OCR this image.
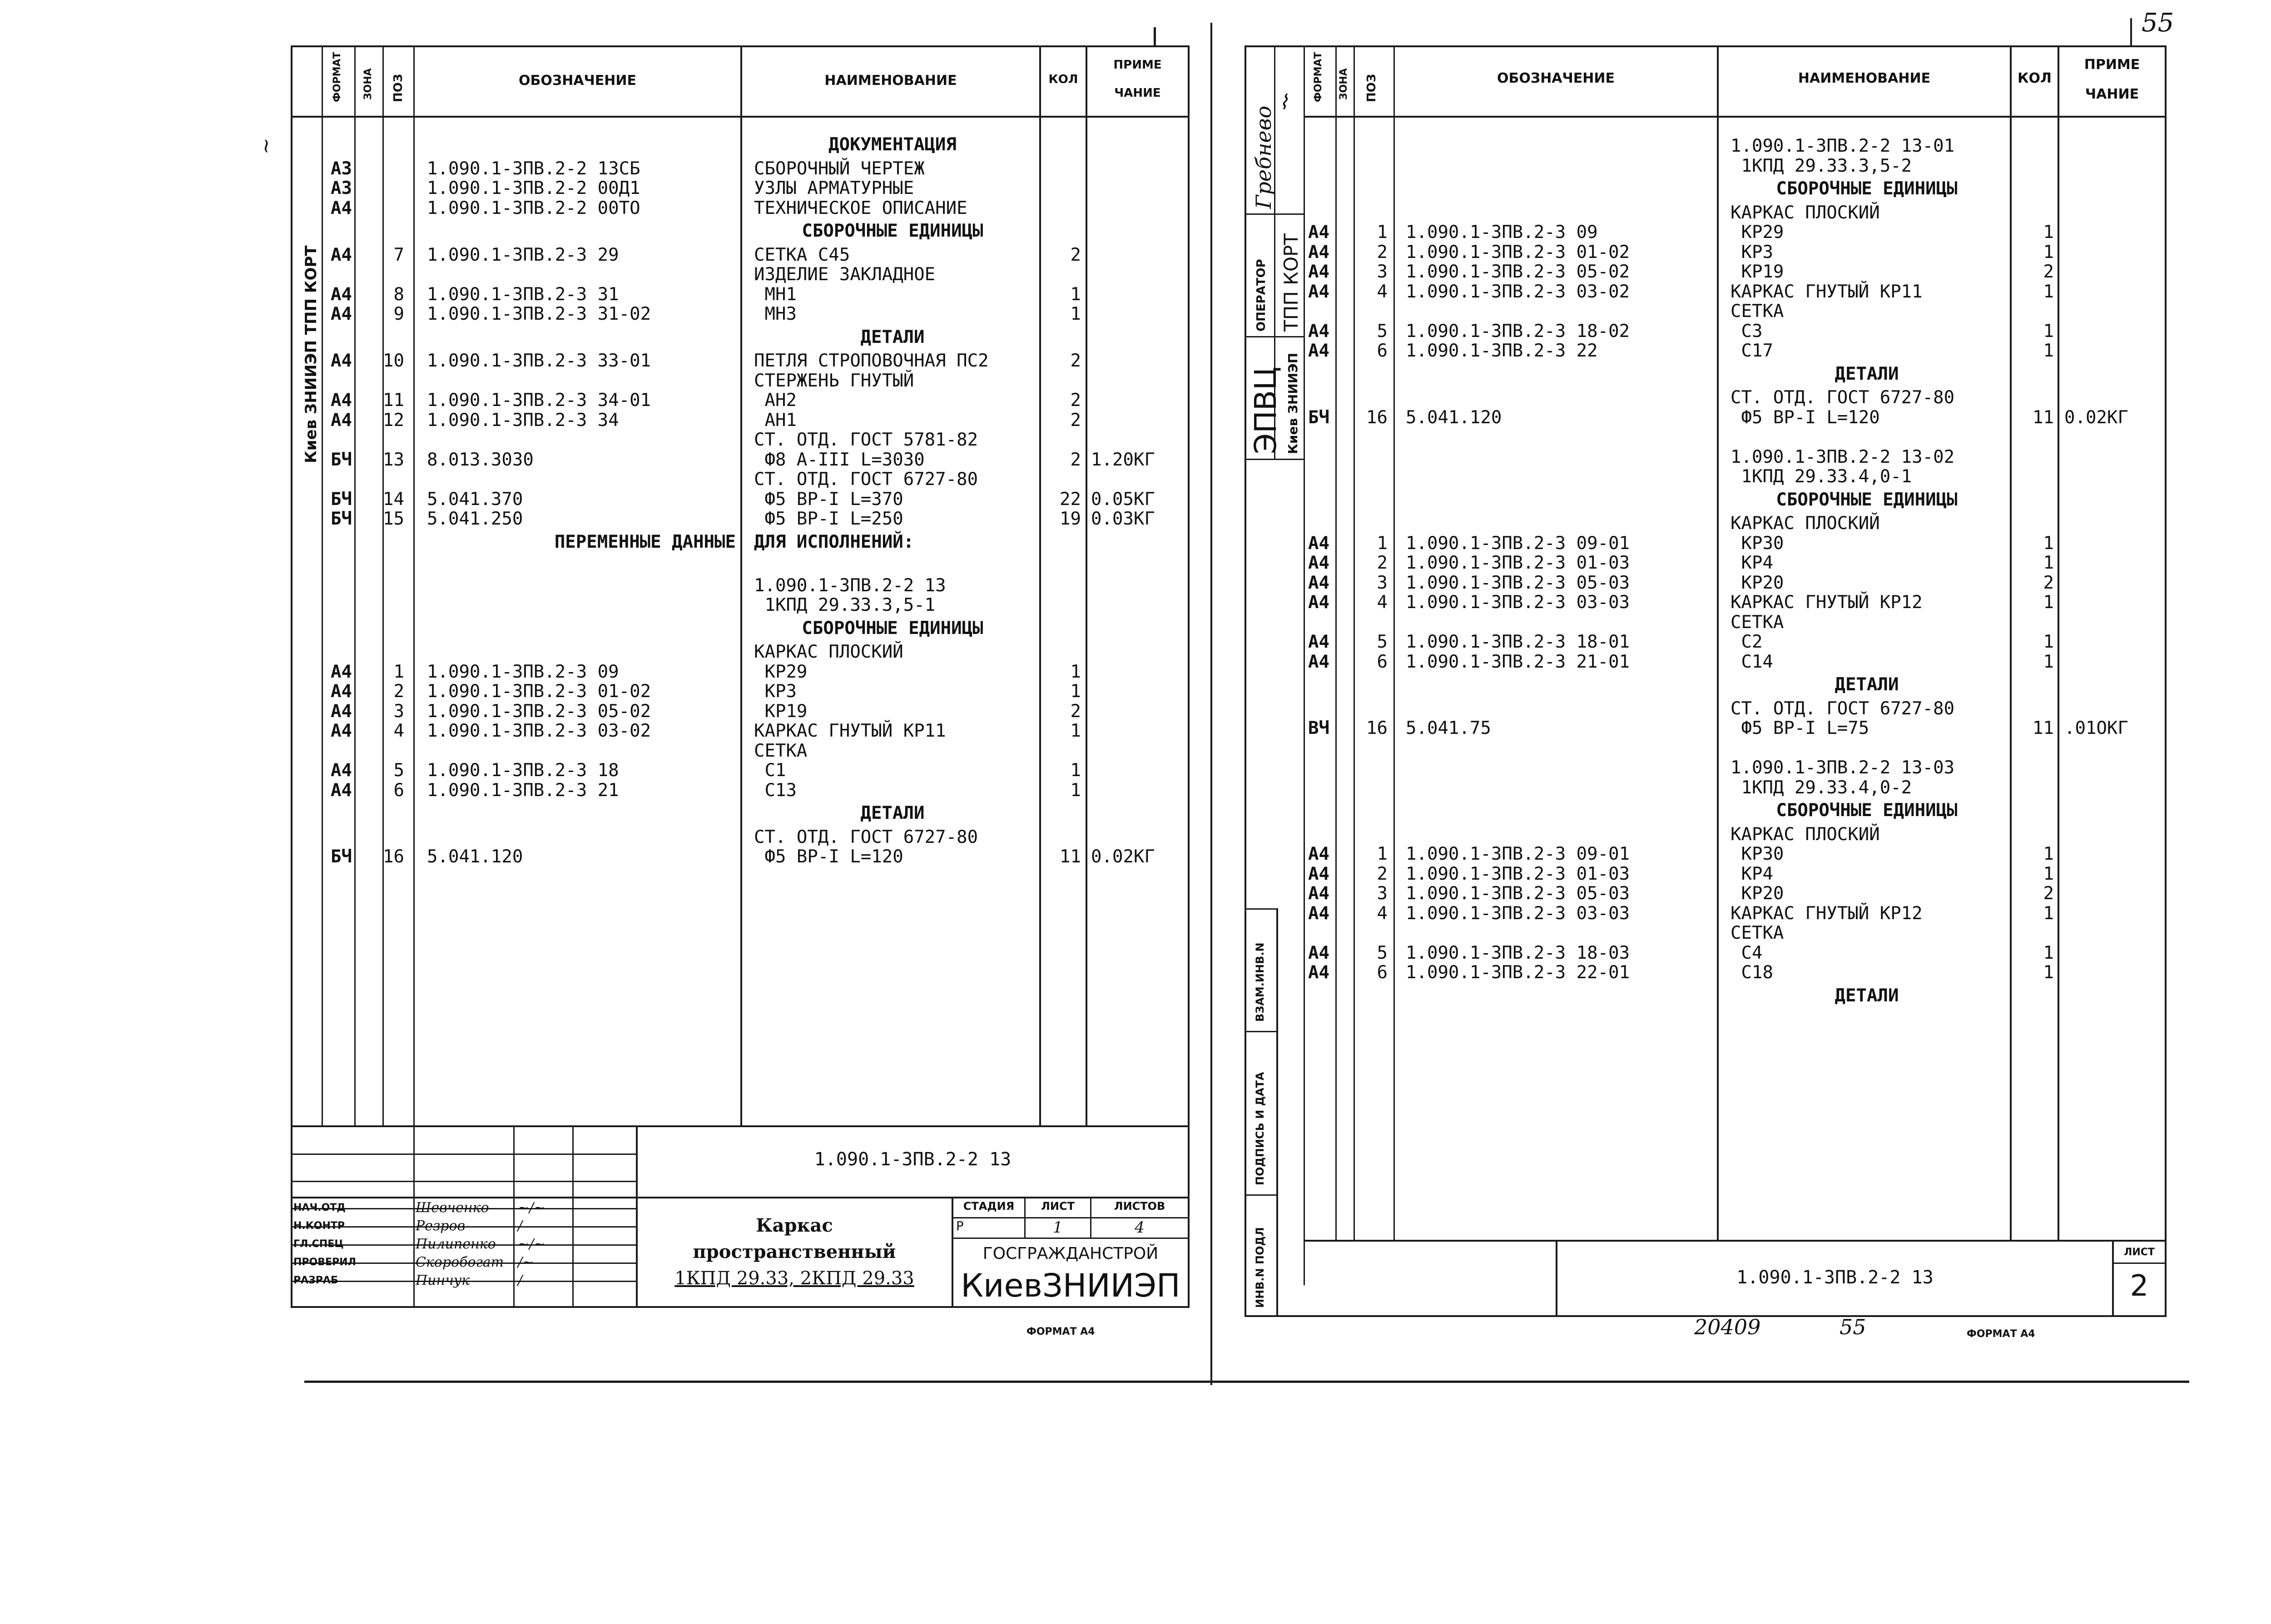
ФОРМАТ ЗОНА ПОЗ	ОБОЗНАЧЕНИЕ	НАИМЕНОВАНИЕ	КОЛ
ПРИМЕ
ЧАНИЕ
Киев ЗНИИЭП ТПП КОРТ
~	ДОКУМЕНТАЦИЯ
А3	1.090.1-3ПВ.2-2 13СБ	СБОРОЧНЫЙ ЧЕРТЕЖ
А3	1.090.1-3ПВ.2-2 00Д1	УЗЛЫ АРМАТУРНЫЕ
А4	1.090.1-3ПВ.2-2 00ТО	ТЕХНИЧЕСКОЕ ОПИСАНИЕ
СБОРОЧНЫЕ ЕДИНИЦЫ
А4 7 1.090.1-3ПВ.2-3 29	СЕТКА С45	2
ИЗДЕЛИЕ ЗАКЛАДНОЕ
А4 8 1.090.1-3ПВ.2-3 31	МН1	1
А4 9 1.090.1-3ПВ.2-3 31-02	МН3	1
ДЕТАЛИ
А4 10 1.090.1-3ПВ.2-3 33-01	ПЕТЛЯ СТРОПОВОЧНАЯ ПС2	2
СТЕРЖЕНЬ ГНУТЫЙ
А4 11 1.090.1-3ПВ.2-3 34-01	АН2	2
А4 12 1.090.1-3ПВ.2-3 34	АН1	2
СТ. ОТД. ГОСТ 5781-82
БЧ 13 8.013.3030	Ф8 А-III L=3030	2 1.20КГ
СТ. ОТД. ГОСТ 6727-80
БЧ 14 5.041.370	Ф5 ВР-I L=370	22 0.05КГ
БЧ 15 5.041.250	Ф5 ВР-I L=250	19 0.03КГ
ПЕРЕМЕННЫЕ ДАННЫЕ ДЛЯ ИСПОЛНЕНИЙ:
1.090.1-3ПВ.2-2 13
1КПД 29.33.3,5-1
СБОРОЧНЫЕ ЕДИНИЦЫ
КАРКАС ПЛОСКИЙ
А4 1 1.090.1-3ПВ.2-3 09	КР29	1
А4 2 1.090.1-3ПВ.2-3 01-02	КР3	1
А4 3 1.090.1-3ПВ.2-3 05-02	КР19	2
А4 4 1.090.1-3ПВ.2-3 03-02	КАРКАС ГНУТЫЙ КР11	1
СЕТКА
А4 5 1.090.1-3ПВ.2-3 18	С1	1
А4 6 1.090.1-3ПВ.2-3 21	С13	1
ДЕТАЛИ
СТ. ОТД. ГОСТ 6727-80
БЧ 16 5.041.120	Ф5 ВР-I L=120	11 0.02КГ
1.090.1-3ПВ.2-2 13
НАЧ.ОТД
Н.КОНТР
ГЛ.СПЕЦ
ПРОВЕРИЛ
РАЗРАБ
Шевченко
Резров
Пилипенко
Скоробогат
Пинчук
~∕~
∕
~∕~
∕~
∕
Каркас
пространственный
1КПД 29.33, 2КПД 29.33
СТАДИЯ	ЛИСТ	ЛИСТОВ
Р	1	4
ГОСГРАЖДАНСТРОЙ
КиевЗНИИЭП
ФОРМАТ А4
55
ФОРМАТ ЗОНА ПОЗ	ОБОЗНАЧЕНИЕ	НАИМЕНОВАНИЕ	КОЛ
ПРИМЕ
ЧАНИЕ
Гребнево
⌇
ОПЕРАТОР ТПП КОРТ
ЭПВЦ Киев ЗНИИЭП
ИНВ.N ПОДЛ
ПОДПИСЬ И ДАТА
ВЗАМ.ИНВ.N
1.090.1-3ПВ.2-2 13-01
1КПД 29.33.3,5-2
СБОРОЧНЫЕ ЕДИНИЦЫ
КАРКАС ПЛОСКИЙ
А4	1 1.090.1-3ПВ.2-3 09	КР29	1
А4	2 1.090.1-3ПВ.2-3 01-02	КР3	1
А4	3 1.090.1-3ПВ.2-3 05-02	КР19	2
А4	4 1.090.1-3ПВ.2-3 03-02	КАРКАС ГНУТЫЙ КР11	1
СЕТКА
А4	5 1.090.1-3ПВ.2-3 18-02	С3	1
А4	6 1.090.1-3ПВ.2-3 22	С17	1
ДЕТАЛИ
СТ. ОТД. ГОСТ 6727-80
БЧ 16 5.041.120	Ф5 ВР-I L=120	11 0.02КГ
1.090.1-3ПВ.2-2 13-02
1КПД 29.33.4,0-1
СБОРОЧНЫЕ ЕДИНИЦЫ
КАРКАС ПЛОСКИЙ
А4	1 1.090.1-3ПВ.2-3 09-01	КР30	1
А4	2 1.090.1-3ПВ.2-3 01-03	КР4	1
А4	3 1.090.1-3ПВ.2-3 05-03	КР20	2
А4	4 1.090.1-3ПВ.2-3 03-03	КАРКАС ГНУТЫЙ КР12	1
СЕТКА
А4	5 1.090.1-3ПВ.2-3 18-01	С2	1
А4	6 1.090.1-3ПВ.2-3 21-01	С14	1
ДЕТАЛИ
СТ. ОТД. ГОСТ 6727-80
ВЧ 16 5.041.75	Ф5 ВР-I L=75	11 .01ОКГ
1.090.1-3ПВ.2-2 13-03
1КПД 29.33.4,0-2
СБОРОЧНЫЕ ЕДИНИЦЫ
КАРКАС ПЛОСКИЙ
А4	1 1.090.1-3ПВ.2-3 09-01	КР30	1
А4	2 1.090.1-3ПВ.2-3 01-03	КР4	1
А4	3 1.090.1-3ПВ.2-3 05-03	КР20	2
А4	4 1.090.1-3ПВ.2-3 03-03	КАРКАС ГНУТЫЙ КР12	1
СЕТКА
А4	5 1.090.1-3ПВ.2-3 18-03	С4	1
А4	6 1.090.1-3ПВ.2-3 22-01	С18	1
ДЕТАЛИ
1.090.1-3ПВ.2-2 13
ЛИСТ
2
20409	55	ФОРМАТ А4
